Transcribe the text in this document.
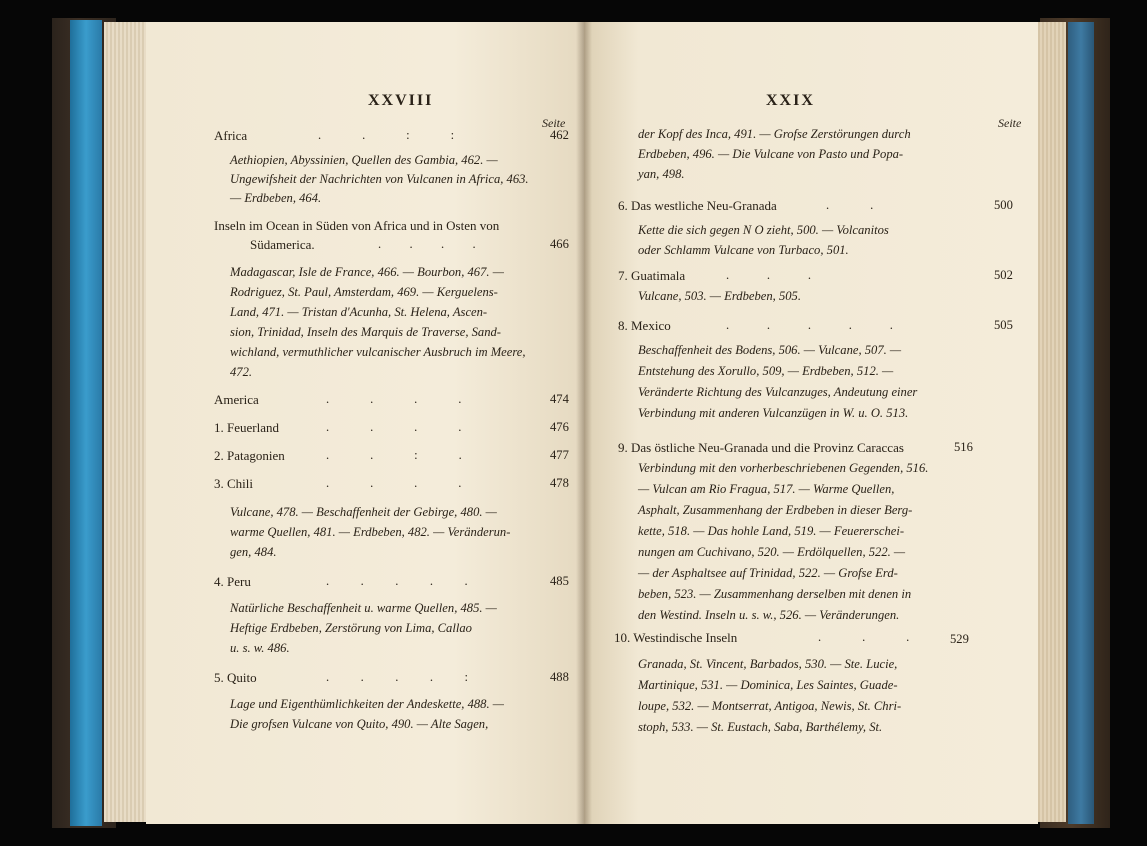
XXVIII
Seite
Africa	.             .             :             :	462
Aethiopien, Abyssinien, Quellen des Gambia, 462. —
Ungewifsheit der Nachrichten von Vulcanen in Africa, 463.
— Erdbeben, 464.
Inseln im Ocean in Süden von Africa und in Osten von
Südamerica.	.         .         .         .	466
Madagascar, Isle de France, 466. — Bourbon, 467. —
Rodriguez, St. Paul, Amsterdam, 469. — Kerguelens-
Land, 471. — Tristan d'Acunha, St. Helena, Ascen-
sion, Trinidad, Inseln des Marquis de Traverse, Sand-
wichland, vermuthlicher vulcanischer Ausbruch im Meere,
472.
America	.             .             .             .	474
1. Feuerland	.             .             .             .	476
2. Patagonien	.             .             :             .	477
3. Chili	.             .             .             .	478
Vulcane, 478. — Beschaffenheit der Gebirge, 480. —
warme Quellen, 481. — Erdbeben, 482. — Veränderun-
gen, 484.
4. Peru	.          .          .          .          .	485
Natürliche Beschaffenheit u. warme Quellen, 485. —
Heftige Erdbeben, Zerstörung von Lima, Callao
u. s. w. 486.
5. Quito	.          .          .          .          :	488
Lage und Eigenthümlichkeiten der Andeskette, 488. —
Die grofsen Vulcane von Quito, 490. — Alte Sagen,
XXIX
Seite
der Kopf des Inca, 491. — Grofse Zerstörungen durch
Erdbeben, 496. — Die Vulcane von Pasto und Popa-
yan, 498.
6. Das westliche Neu-Granada	.             .	500
Kette die sich gegen N O zieht, 500. — Volcanitos
oder Schlamm Vulcane von Turbaco, 501.
7. Guatimala	.            .            .	502
Vulcane, 503. — Erdbeben, 505.
8. Mexico	.            .            .            .            .	505
Beschaffenheit des Bodens, 506. — Vulcane, 507. —
Entstehung des Xorullo, 509, — Erdbeben, 512. —
Veränderte Richtung des Vulcanzuges, Andeutung einer
Verbindung mit anderen Vulcanzügen in W. u. O. 513.
9. Das östliche Neu-Granada und die Provinz Caraccas	516
Verbindung mit den vorherbeschriebenen Gegenden, 516.
— Vulcan am Rio Fragua, 517. — Warme Quellen,
Asphalt, Zusammenhang der Erdbeben in dieser Berg-
kette, 518. — Das hohle Land, 519. — Feuererschei-
nungen am Cuchivano, 520. — Erdölquellen, 522. —
— der Asphaltsee auf Trinidad, 522. — Grofse Erd-
beben, 523. — Zusammenhang derselben mit denen in
den Westind. Inseln u. s. w., 526. — Veränderungen.
10. Westindische Inseln	.             .             .	529
Granada, St. Vincent, Barbados, 530. — Ste. Lucie,
Martinique, 531. — Dominica, Les Saintes, Guade-
loupe, 532. — Montserrat, Antigoa, Newis, St. Chri-
stoph, 533. — St. Eustach, Saba, Barthélemy, St.
